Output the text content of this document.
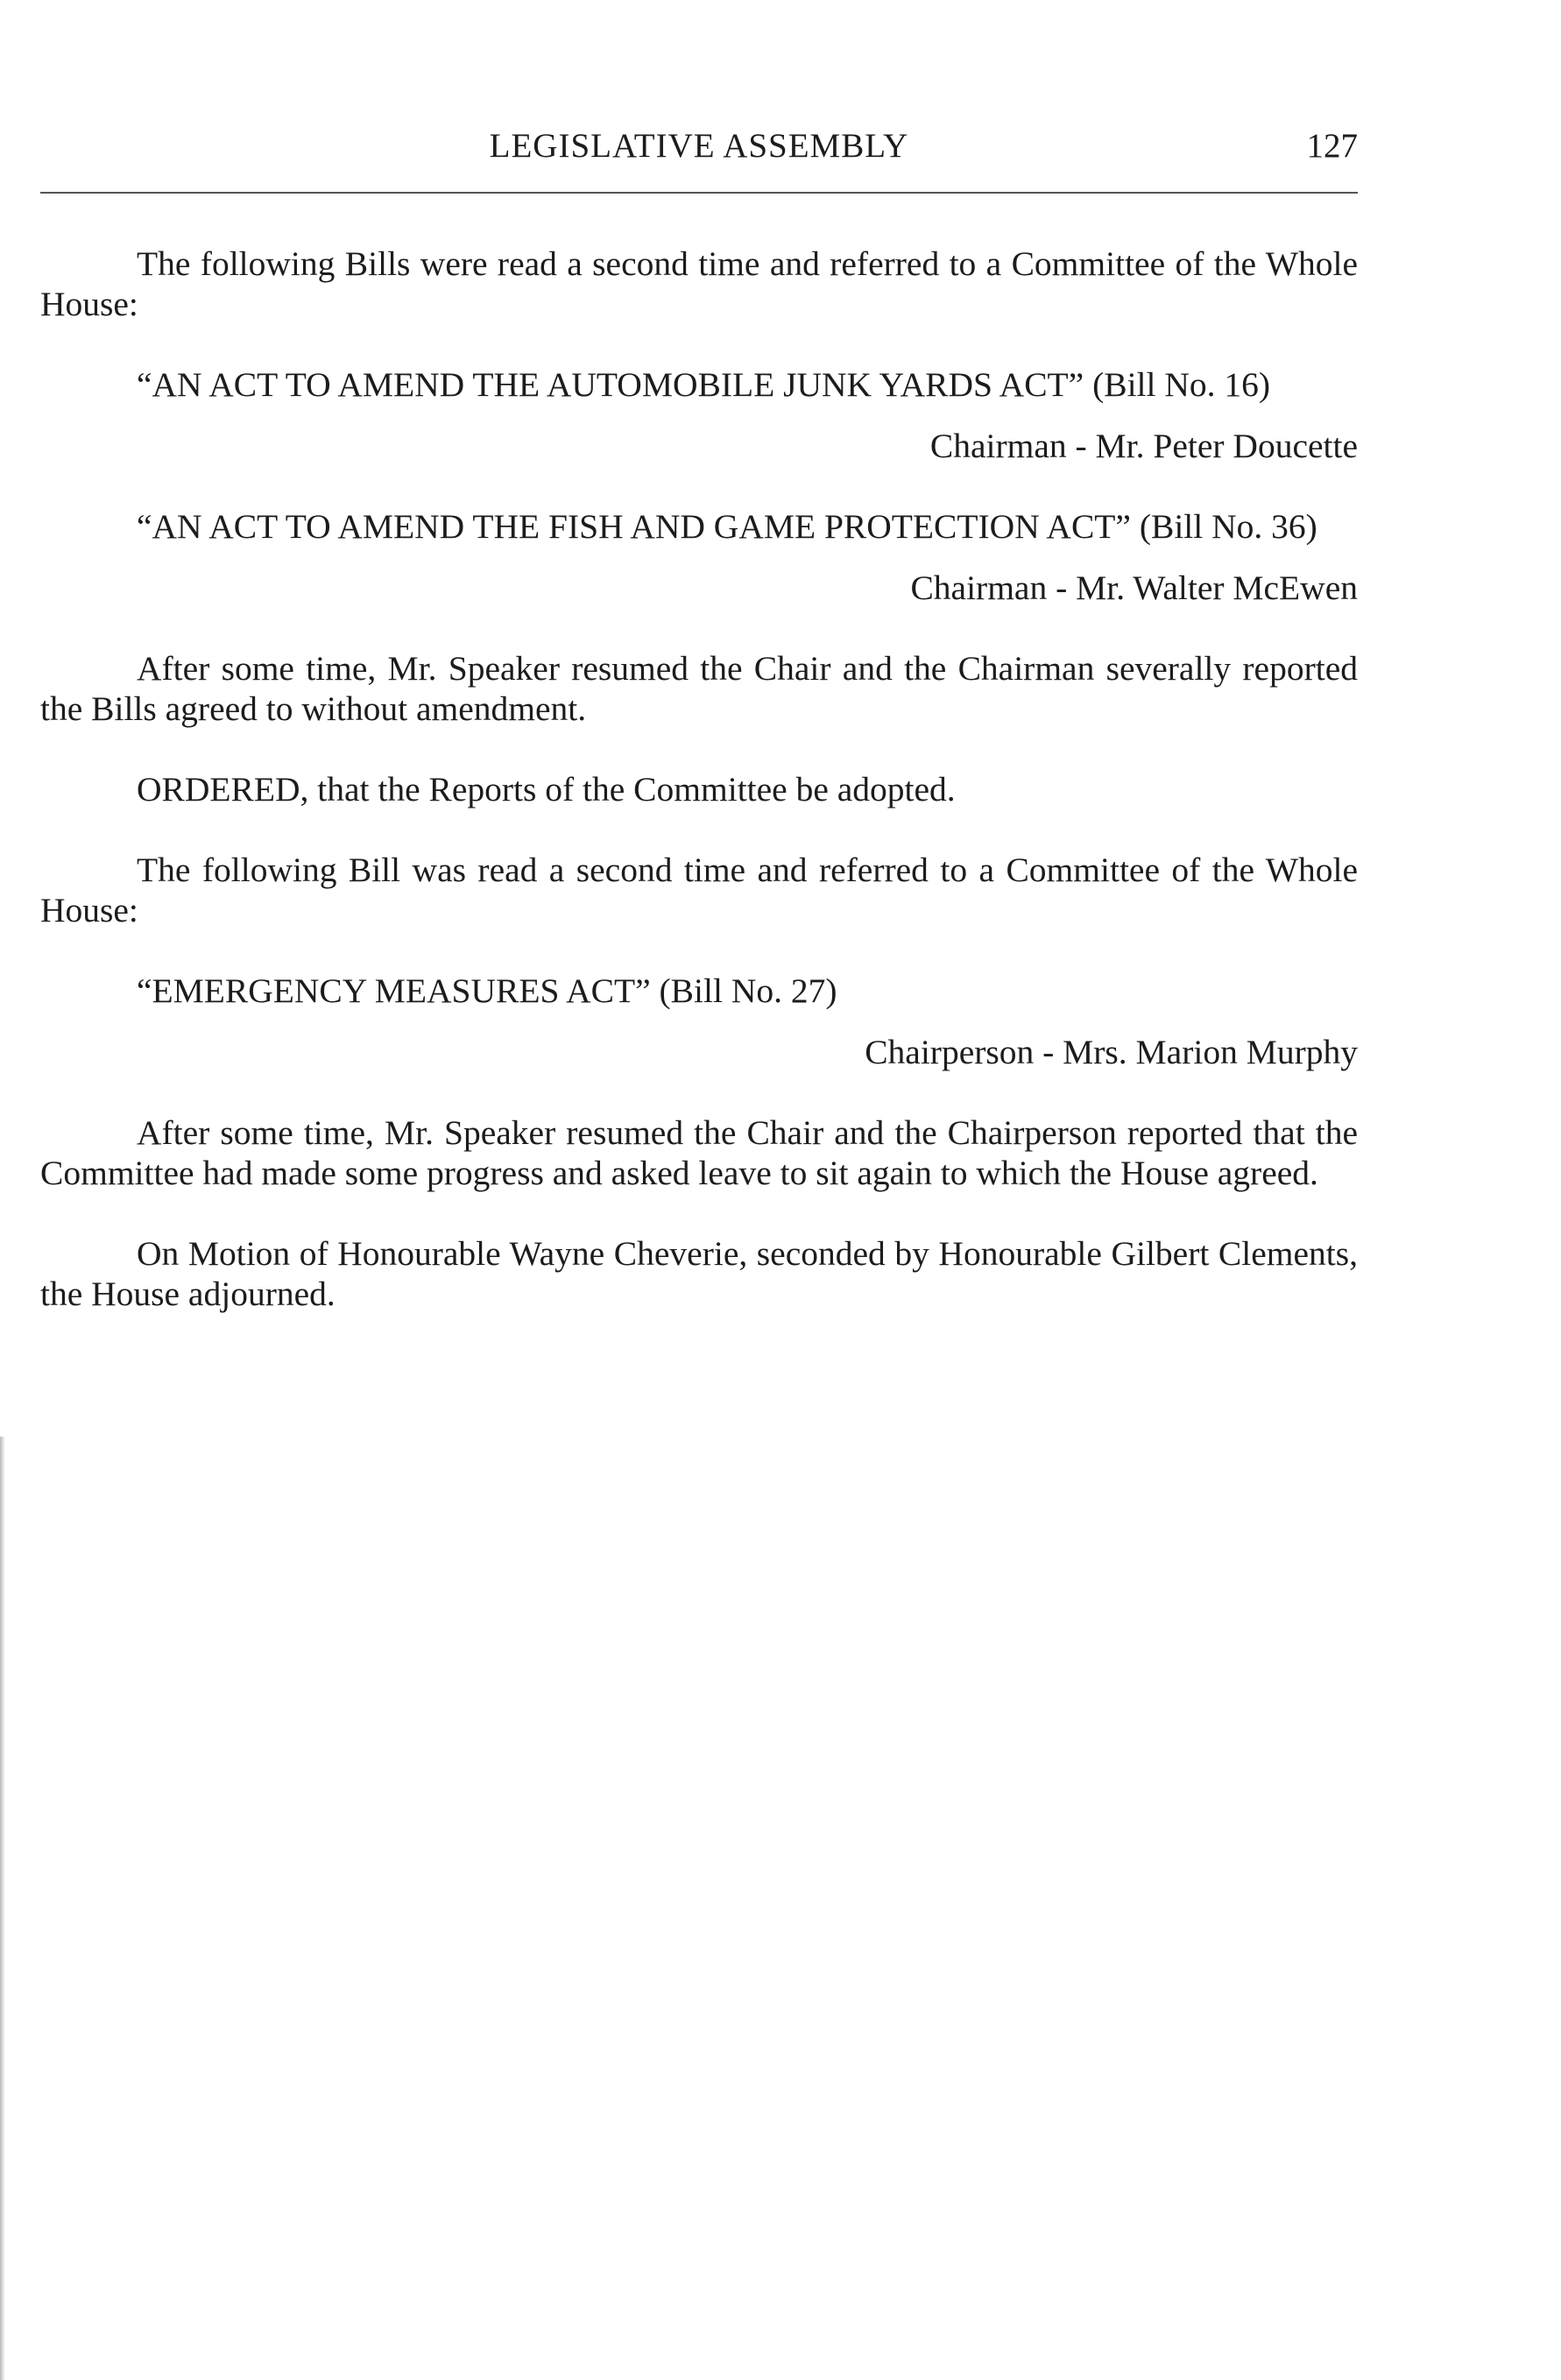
LEGISLATIVE ASSEMBLY	127

The following Bills were read a second time and referred to a Committee of the Whole House:

“AN ACT TO AMEND THE AUTOMOBILE JUNK YARDS ACT” (Bill No. 16)

Chairman - Mr. Peter Doucette

“AN ACT TO AMEND THE FISH AND GAME PROTECTION ACT” (Bill No. 36)

Chairman - Mr. Walter McEwen

After some time, Mr. Speaker resumed the Chair and the Chairman severally reported the Bills agreed to without amendment.

ORDERED, that the Reports of the Committee be adopted.

The following Bill was read a second time and referred to a Committee of the Whole House:

“EMERGENCY MEASURES ACT” (Bill No. 27)

Chairperson - Mrs. Marion Murphy

After some time, Mr. Speaker resumed the Chair and the Chairperson reported that the Committee had made some progress and asked leave to sit again to which the House agreed.

On Motion of Honourable Wayne Cheverie, seconded by Honourable Gilbert Clements, the House adjourned.
